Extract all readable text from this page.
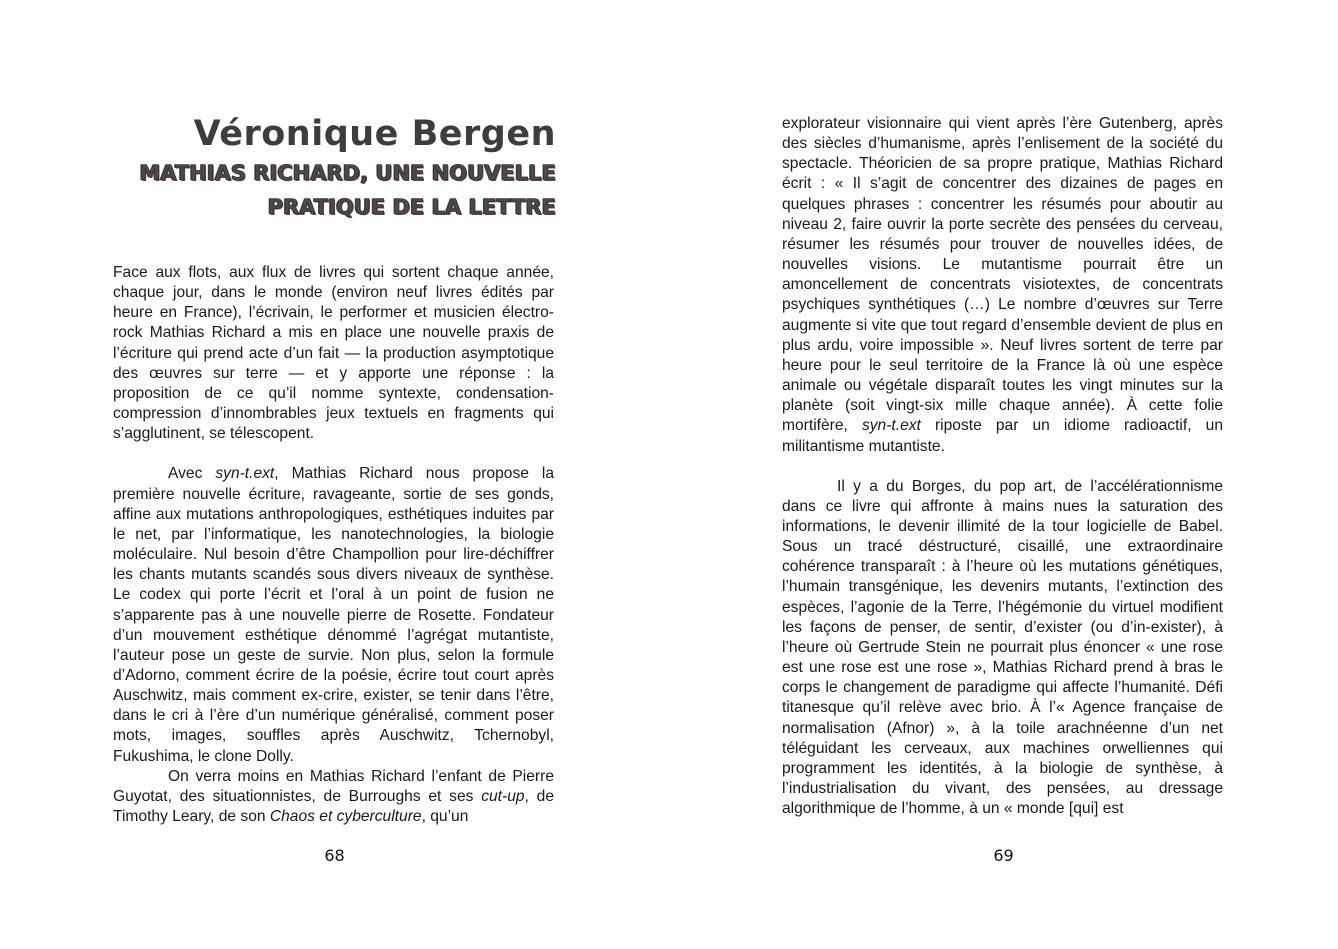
Véronique Bergen
MATHIAS RICHARD, UNE NOUVELLE
PRATIQUE DE LA LETTRE

Face aux flots, aux flux de livres qui sortent chaque année, chaque jour, dans le monde (environ neuf livres édités par heure en France), l’écrivain, le performer et musicien électro-rock Mathias Richard a mis en place une nouvelle praxis de l’écriture qui prend acte d’un fait — la production asymptotique des œuvres sur terre — et y apporte une réponse : la proposition de ce qu’il nomme syntexte, condensation-compression d’innombrables jeux textuels en fragments qui s’agglutinent, se télescopent.

Avec syn-t.ext, Mathias Richard nous propose la première nouvelle écriture, ravageante, sortie de ses gonds, affine aux mutations anthropologiques, esthétiques induites par le net, par l’informatique, les nanotechnologies, la biologie moléculaire. Nul besoin d’être Champollion pour lire-déchiffrer les chants mutants scandés sous divers niveaux de synthèse. Le codex qui porte l’écrit et l’oral à un point de fusion ne s’apparente pas à une nouvelle pierre de Rosette. Fondateur d’un mouvement esthétique dénommé l’agrégat mutantiste, l’auteur pose un geste de survie. Non plus, selon la formule d’Adorno, comment écrire de la poésie, écrire tout court après Auschwitz, mais comment ex-crire, exister, se tenir dans l’être, dans le cri à l’ère d’un numérique généralisé, comment poser mots, images, souffles après Auschwitz, Tchernobyl, Fukushima, le clone Dolly.

On verra moins en Mathias Richard l’enfant de Pierre Guyotat, des situationnistes, de Burroughs et ses cut-up, de Timothy Leary, de son Chaos et cyberculture, qu’un

68

explorateur visionnaire qui vient après l’ère Gutenberg, après des siècles d’humanisme, après l’enlisement de la société du spectacle. Théoricien de sa propre pratique, Mathias Richard écrit : « Il s’agit de concentrer des dizaines de pages en quelques phrases : concentrer les résumés pour aboutir au niveau 2, faire ouvrir la porte secrète des pensées du cerveau, résumer les résumés pour trouver de nouvelles idées, de nouvelles visions. Le mutantisme pourrait être un amoncellement de concentrats visiotextes, de concentrats psychiques synthétiques (…) Le nombre d’œuvres sur Terre augmente si vite que tout regard d’ensemble devient de plus en plus ardu, voire impossible ». Neuf livres sortent de terre par heure pour le seul territoire de la France là où une espèce animale ou végétale disparaît toutes les vingt minutes sur la planète (soit vingt-six mille chaque année). À cette folie mortifère, syn-t.ext riposte par un idiome radioactif, un militantisme mutantiste.

Il y a du Borges, du pop art, de l’accélérationnisme dans ce livre qui affronte à mains nues la saturation des informations, le devenir illimité de la tour logicielle de Babel. Sous un tracé déstructuré, cisaillé, une extraordinaire cohérence transparaît : à l’heure où les mutations génétiques, l’humain transgénique, les devenirs mutants, l’extinction des espèces, l’agonie de la Terre, l’hégémonie du virtuel modifient les façons de penser, de sentir, d’exister (ou d’in-exister), à l’heure où Gertrude Stein ne pourrait plus énoncer « une rose est une rose est une rose », Mathias Richard prend à bras le corps le changement de paradigme qui affecte l’humanité. Défi titanesque qu’il relève avec brio. À l’« Agence française de normalisation (Afnor) », à la toile arachnéenne d’un net téléguidant les cerveaux, aux machines orwelliennes qui programment les identités, à la biologie de synthèse, à l’industrialisation du vivant, des pensées, au dressage algorithmique de l’homme, à un « monde [qui] est

69
